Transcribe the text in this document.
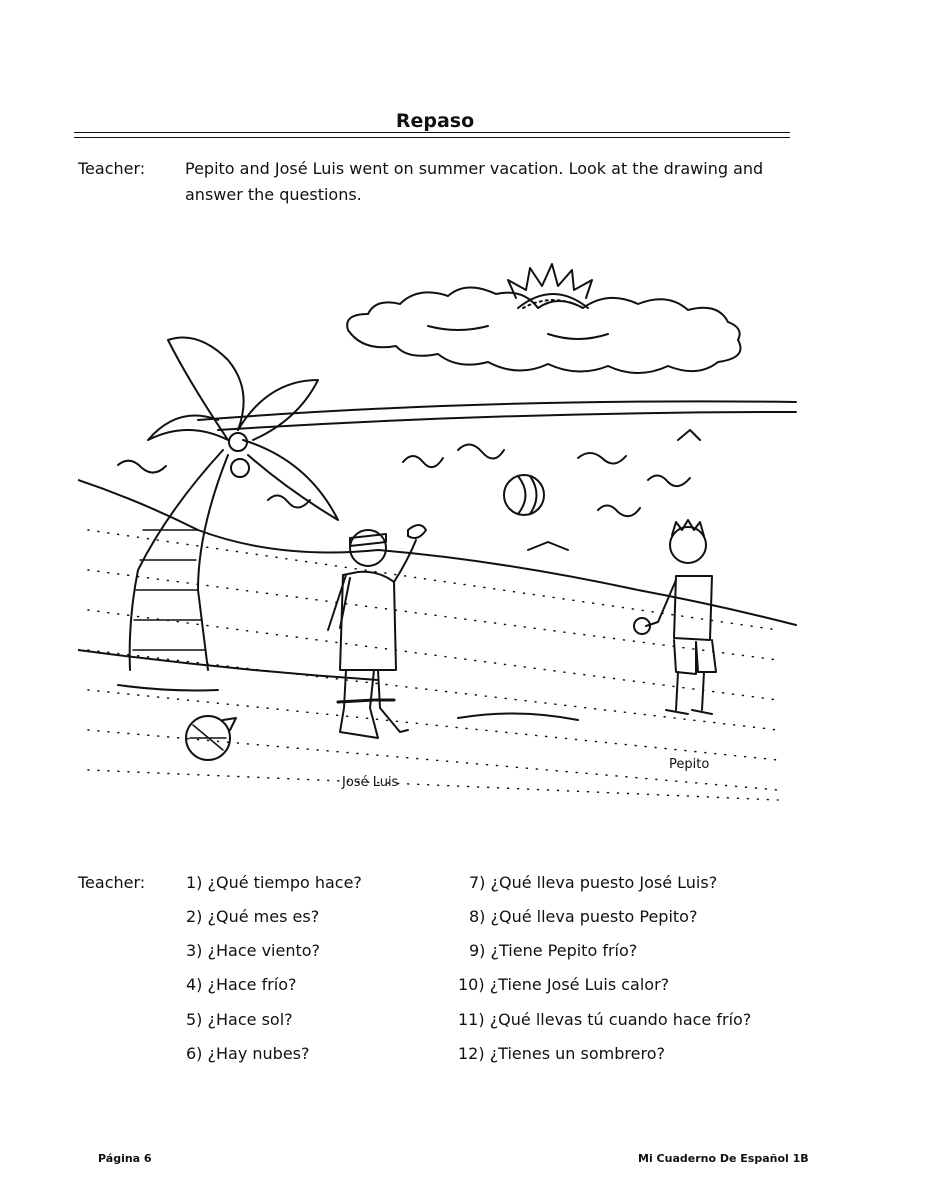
Repaso
Teacher: Pepito and José Luis went on summer vacation. Look at the drawing and answer the questions.
José Luis
Pepito
Teacher:	1) ¿Qué tiempo hace?
2) ¿Qué mes es?
3) ¿Hace viento?
4) ¿Hace frío?
5) ¿Hace sol?
6) ¿Hay nubes?
7) ¿Qué lleva puesto José Luis?
8) ¿Qué lleva puesto Pepito?
9) ¿Tiene Pepito frío?
10) ¿Tiene José Luis calor?
11) ¿Qué llevas tú cuando hace frío?
12) ¿Tienes un sombrero?
Página 6	Mi Cuaderno De Español 1B
